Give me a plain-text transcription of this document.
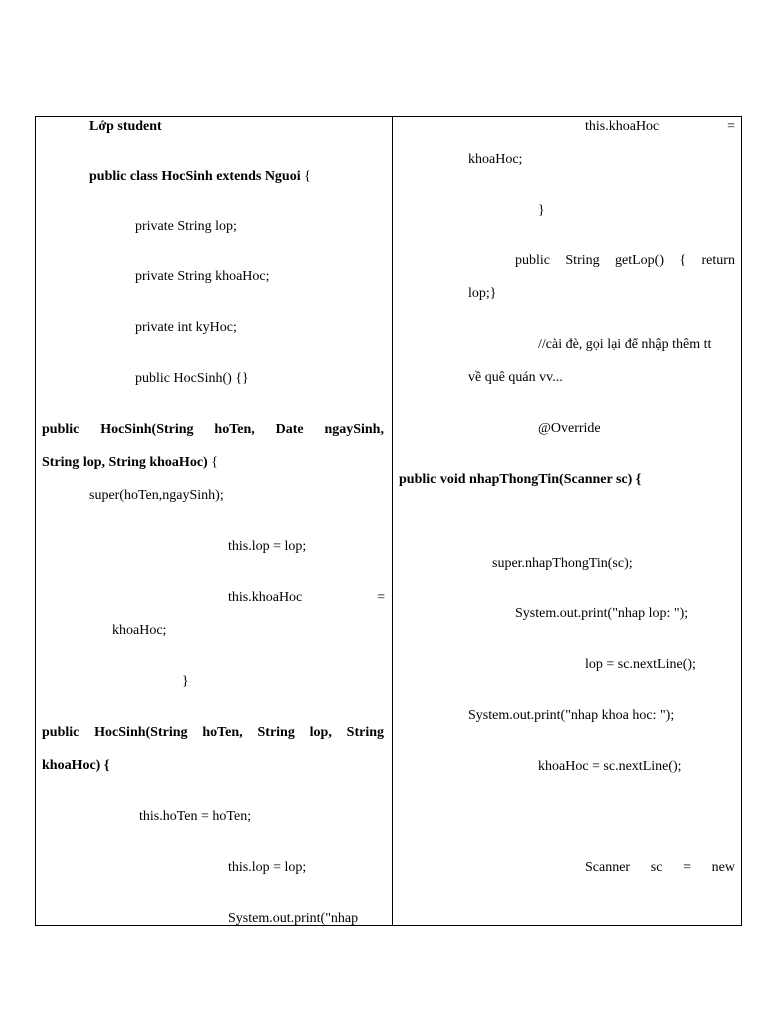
Lớp student
public class HocSinh extends Nguoi {
private String lop;
private String khoaHoc;
private int kyHoc;
public HocSinh() {}
public HocSinh(String hoTen, Date ngaySinh,
String lop, String khoaHoc) {
super(hoTen,ngaySinh);
this.lop = lop;
this.khoaHoc	=
khoaHoc;
}
public HocSinh(String hoTen, String lop, String
khoaHoc) {
this.hoTen = hoTen;
this.lop = lop;
System.out.print("nhap
this.khoaHoc	=
khoaHoc;
}
public String getLop() { return
lop;}
//cài đè, gọi lại để nhập thêm tt
về quê quán vv...
@Override
public void nhapThongTin(Scanner sc) {
super.nhapThongTin(sc);
System.out.print("nhap lop: ");
lop = sc.nextLine();
System.out.print("nhap khoa hoc: ");
khoaHoc = sc.nextLine();
Scanner sc = new
